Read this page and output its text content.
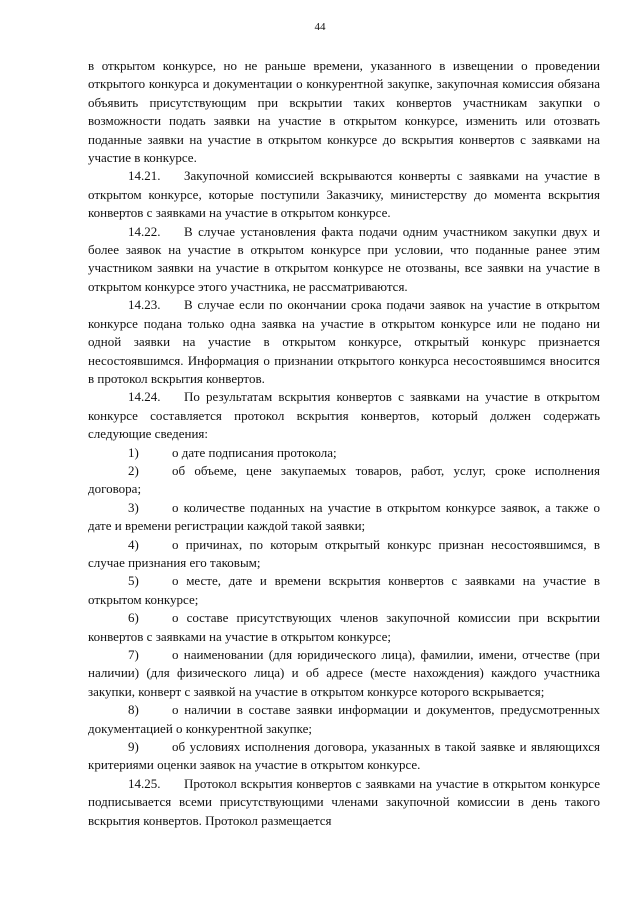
44

в открытом конкурсе, но не раньше времени, указанного в извещении о проведении открытого конкурса и документации о конкурентной закупке, закупочная комиссия обязана объявить присутствующим при вскрытии таких конвертов участникам закупки о возможности подать заявки на участие в открытом конкурсе, изменить или отозвать поданные заявки на участие в открытом конкурсе до вскрытия конвертов с заявками на участие в конкурсе.

14.21. Закупочной комиссией вскрываются конверты с заявками на участие в открытом конкурсе, которые поступили Заказчику, министерству до момента вскрытия конвертов с заявками на участие в открытом конкурсе.

14.22. В случае установления факта подачи одним участником закупки двух и более заявок на участие в открытом конкурсе при условии, что поданные ранее этим участником заявки на участие в открытом конкурсе не отозваны, все заявки на участие в открытом конкурсе этого участника, не рассматриваются.

14.23. В случае если по окончании срока подачи заявок на участие в открытом конкурсе подана только одна заявка на участие в открытом конкурсе или не подано ни одной заявки на участие в открытом конкурсе, открытый конкурс признается несостоявшимся. Информация о признании открытого конкурса несостоявшимся вносится в протокол вскрытия конвертов.

14.24. По результатам вскрытия конвертов с заявками на участие в открытом конкурсе составляется протокол вскрытия конвертов, который должен содержать следующие сведения:

1)	о дате подписания протокола;

2)	об объеме, цене закупаемых товаров, работ, услуг, сроке исполнения договора;

3)	о количестве поданных на участие в открытом конкурсе заявок, а также о дате и времени регистрации каждой такой заявки;

4)	о причинах, по которым открытый конкурс признан несостоявшимся, в случае признания его таковым;

5)	о месте, дате и времени вскрытия конвертов с заявками на участие в открытом конкурсе;

6)	о составе присутствующих членов закупочной комиссии при вскрытии конвертов с заявками на участие в открытом конкурсе;

7)	о наименовании (для юридического лица), фамилии, имени, отчестве (при наличии) (для физического лица) и об адресе (месте нахождения) каждого участника закупки, конверт с заявкой на участие в открытом конкурсе которого вскрывается;

8)	о наличии в составе заявки информации и документов, предусмотренных документацией о конкурентной закупке;

9)	об условиях исполнения договора, указанных в такой заявке и являющихся критериями оценки заявок на участие в открытом конкурсе.

14.25. Протокол вскрытия конвертов с заявками на участие в открытом конкурсе подписывается всеми присутствующими членами закупочной комиссии в день такого вскрытия конвертов. Протокол размещается
